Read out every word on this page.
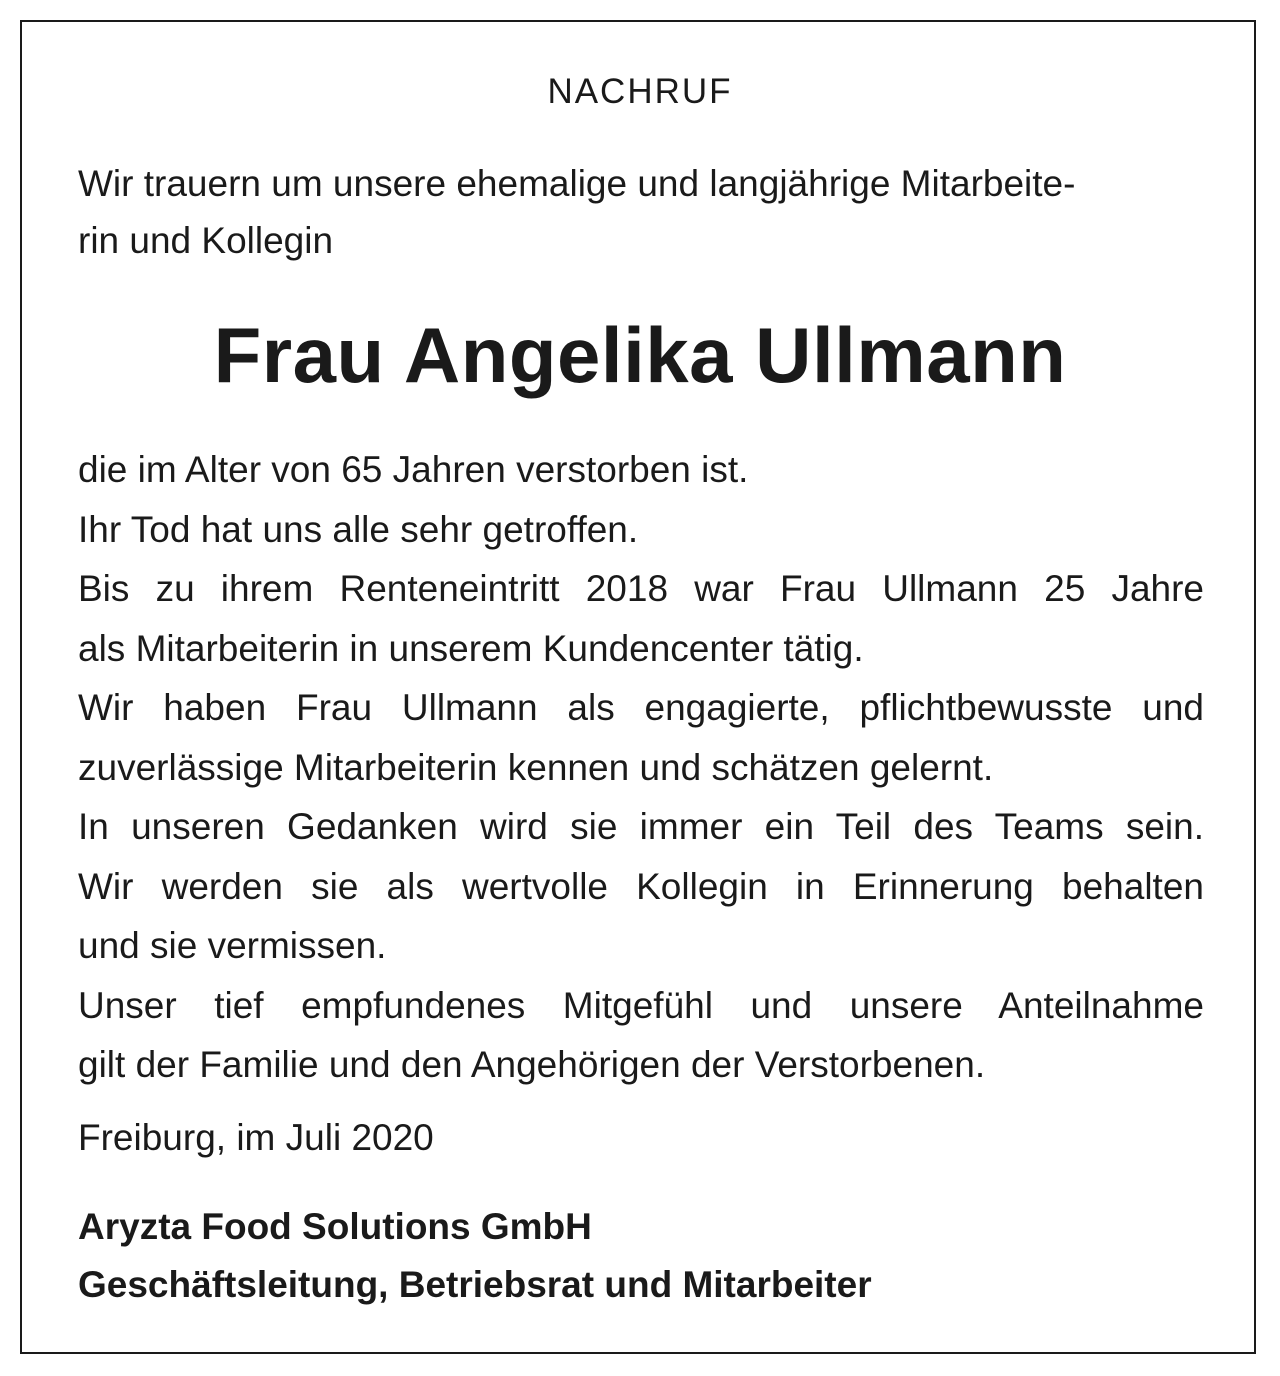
NACHRUF
Wir trauern um unsere ehemalige und langjährige Mitarbeite-
rin und Kollegin
Frau Angelika Ullmann
die im Alter von 65 Jahren verstorben ist.
Ihr Tod hat uns alle sehr getroffen.
Bis zu ihrem Renteneintritt 2018 war Frau Ullmann 25 Jahre
als Mitarbeiterin in unserem Kundencenter tätig.
Wir haben Frau Ullmann als engagierte, pflichtbewusste und
zuverlässige Mitarbeiterin kennen und schätzen gelernt.
In unseren Gedanken wird sie immer ein Teil des Teams sein.
Wir werden sie als wertvolle Kollegin in Erinnerung behalten
und sie vermissen.
Unser tief empfundenes Mitgefühl und unsere Anteilnahme
gilt der Familie und den Angehörigen der Verstorbenen.
Freiburg, im Juli 2020
Aryzta Food Solutions GmbH
Geschäftsleitung, Betriebsrat und Mitarbeiter
